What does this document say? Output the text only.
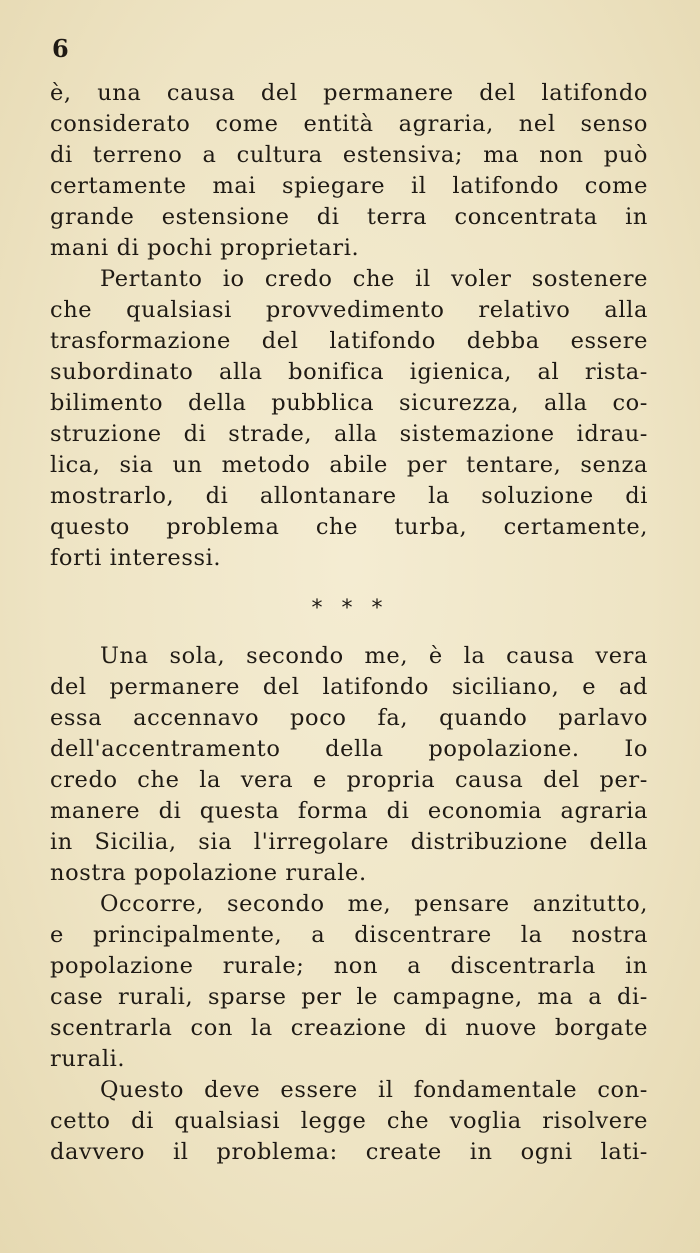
6
è, una causa del permanere del latifondo
considerato come entità agraria, nel senso
di terreno a cultura estensiva; ma non può
certamente mai spiegare il latifondo come
grande estensione di terra concentrata in
mani di pochi proprietari.
Pertanto io credo che il voler sostenere
che qualsiasi provvedimento relativo alla
trasformazione del latifondo debba essere
subordinato alla bonifica igienica, al rista-
bilimento della pubblica sicurezza, alla co-
struzione di strade, alla sistemazione idrau-
lica, sia un metodo abile per tentare, senza
mostrarlo, di allontanare la soluzione di
questo problema che turba, certamente,
forti interessi.
* * *
Una sola, secondo me, è la causa vera
del permanere del latifondo siciliano, e ad
essa accennavo poco fa, quando parlavo
dell'accentramento della popolazione. Io
credo che la vera e propria causa del per-
manere di questa forma di economia agraria
in Sicilia, sia l'irregolare distribuzione della
nostra popolazione rurale.
Occorre, secondo me, pensare anzitutto,
e principalmente, a discentrare la nostra
popolazione rurale; non a discentrarla in
case rurali, sparse per le campagne, ma a di-
scentrarla con la creazione di nuove borgate
rurali.
Questo deve essere il fondamentale con-
cetto di qualsiasi legge che voglia risolvere
davvero il problema: create in ogni lati-
